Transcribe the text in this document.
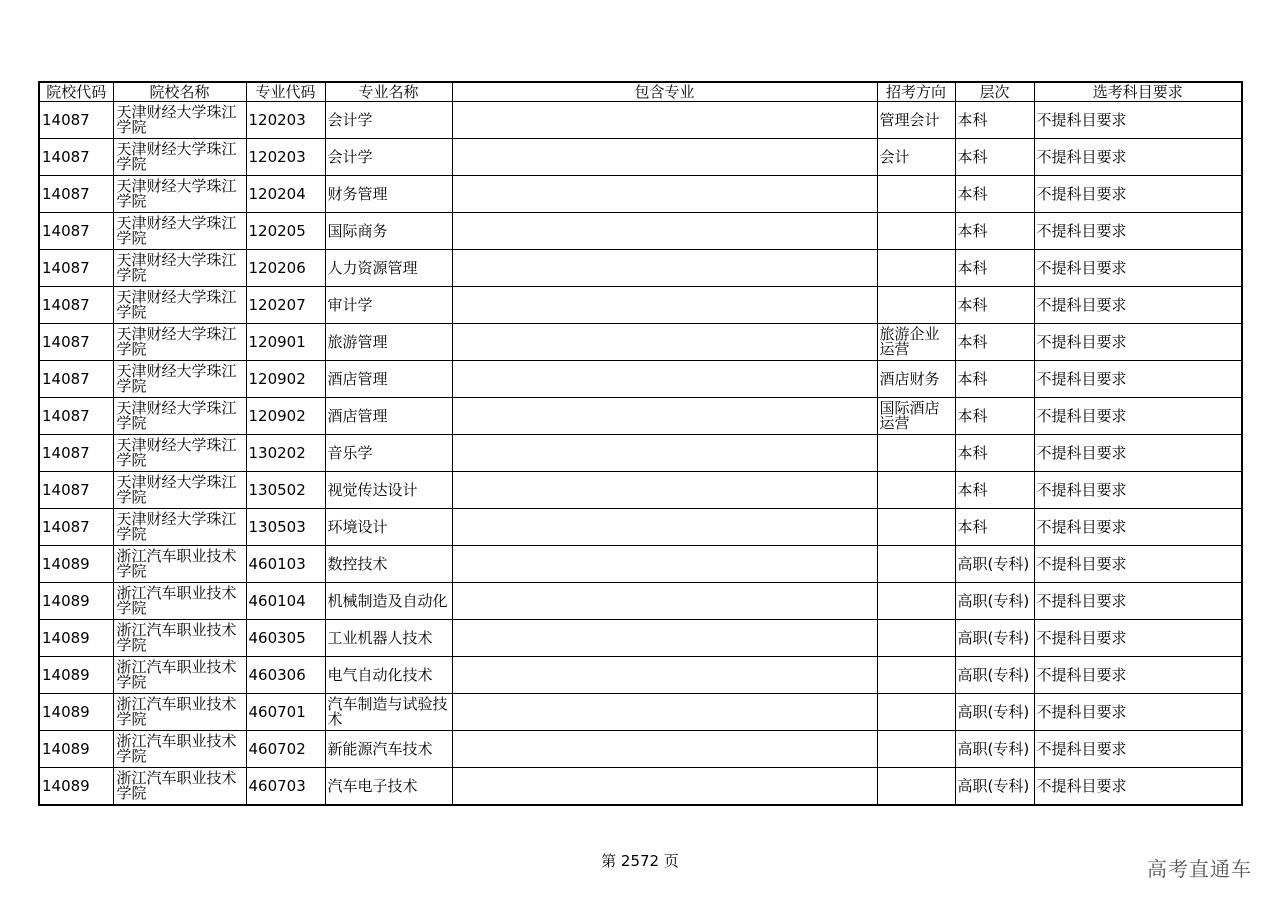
院校代码	院校名称	专业代码	专业名称	包含专业	招考方向	层次	选考科目要求
14087	天津财经大学珠江学院	120203	会计学		管理会计	本科	不提科目要求
14087	天津财经大学珠江学院	120203	会计学		会计	本科	不提科目要求
14087	天津财经大学珠江学院	120204	财务管理			本科	不提科目要求
14087	天津财经大学珠江学院	120205	国际商务			本科	不提科目要求
14087	天津财经大学珠江学院	120206	人力资源管理			本科	不提科目要求
14087	天津财经大学珠江学院	120207	审计学			本科	不提科目要求
14087	天津财经大学珠江学院	120901	旅游管理		旅游企业运营	本科	不提科目要求
14087	天津财经大学珠江学院	120902	酒店管理		酒店财务	本科	不提科目要求
14087	天津财经大学珠江学院	120902	酒店管理		国际酒店运营	本科	不提科目要求
14087	天津财经大学珠江学院	130202	音乐学			本科	不提科目要求
14087	天津财经大学珠江学院	130502	视觉传达设计			本科	不提科目要求
14087	天津财经大学珠江学院	130503	环境设计			本科	不提科目要求
14089	浙江汽车职业技术学院	460103	数控技术			高职(专科)	不提科目要求
14089	浙江汽车职业技术学院	460104	机械制造及自动化			高职(专科)	不提科目要求
14089	浙江汽车职业技术学院	460305	工业机器人技术			高职(专科)	不提科目要求
14089	浙江汽车职业技术学院	460306	电气自动化技术			高职(专科)	不提科目要求
14089	浙江汽车职业技术学院	460701	汽车制造与试验技术			高职(专科)	不提科目要求
14089	浙江汽车职业技术学院	460702	新能源汽车技术			高职(专科)	不提科目要求
14089	浙江汽车职业技术学院	460703	汽车电子技术			高职(专科)	不提科目要求
第 2572 页	高考直通车
